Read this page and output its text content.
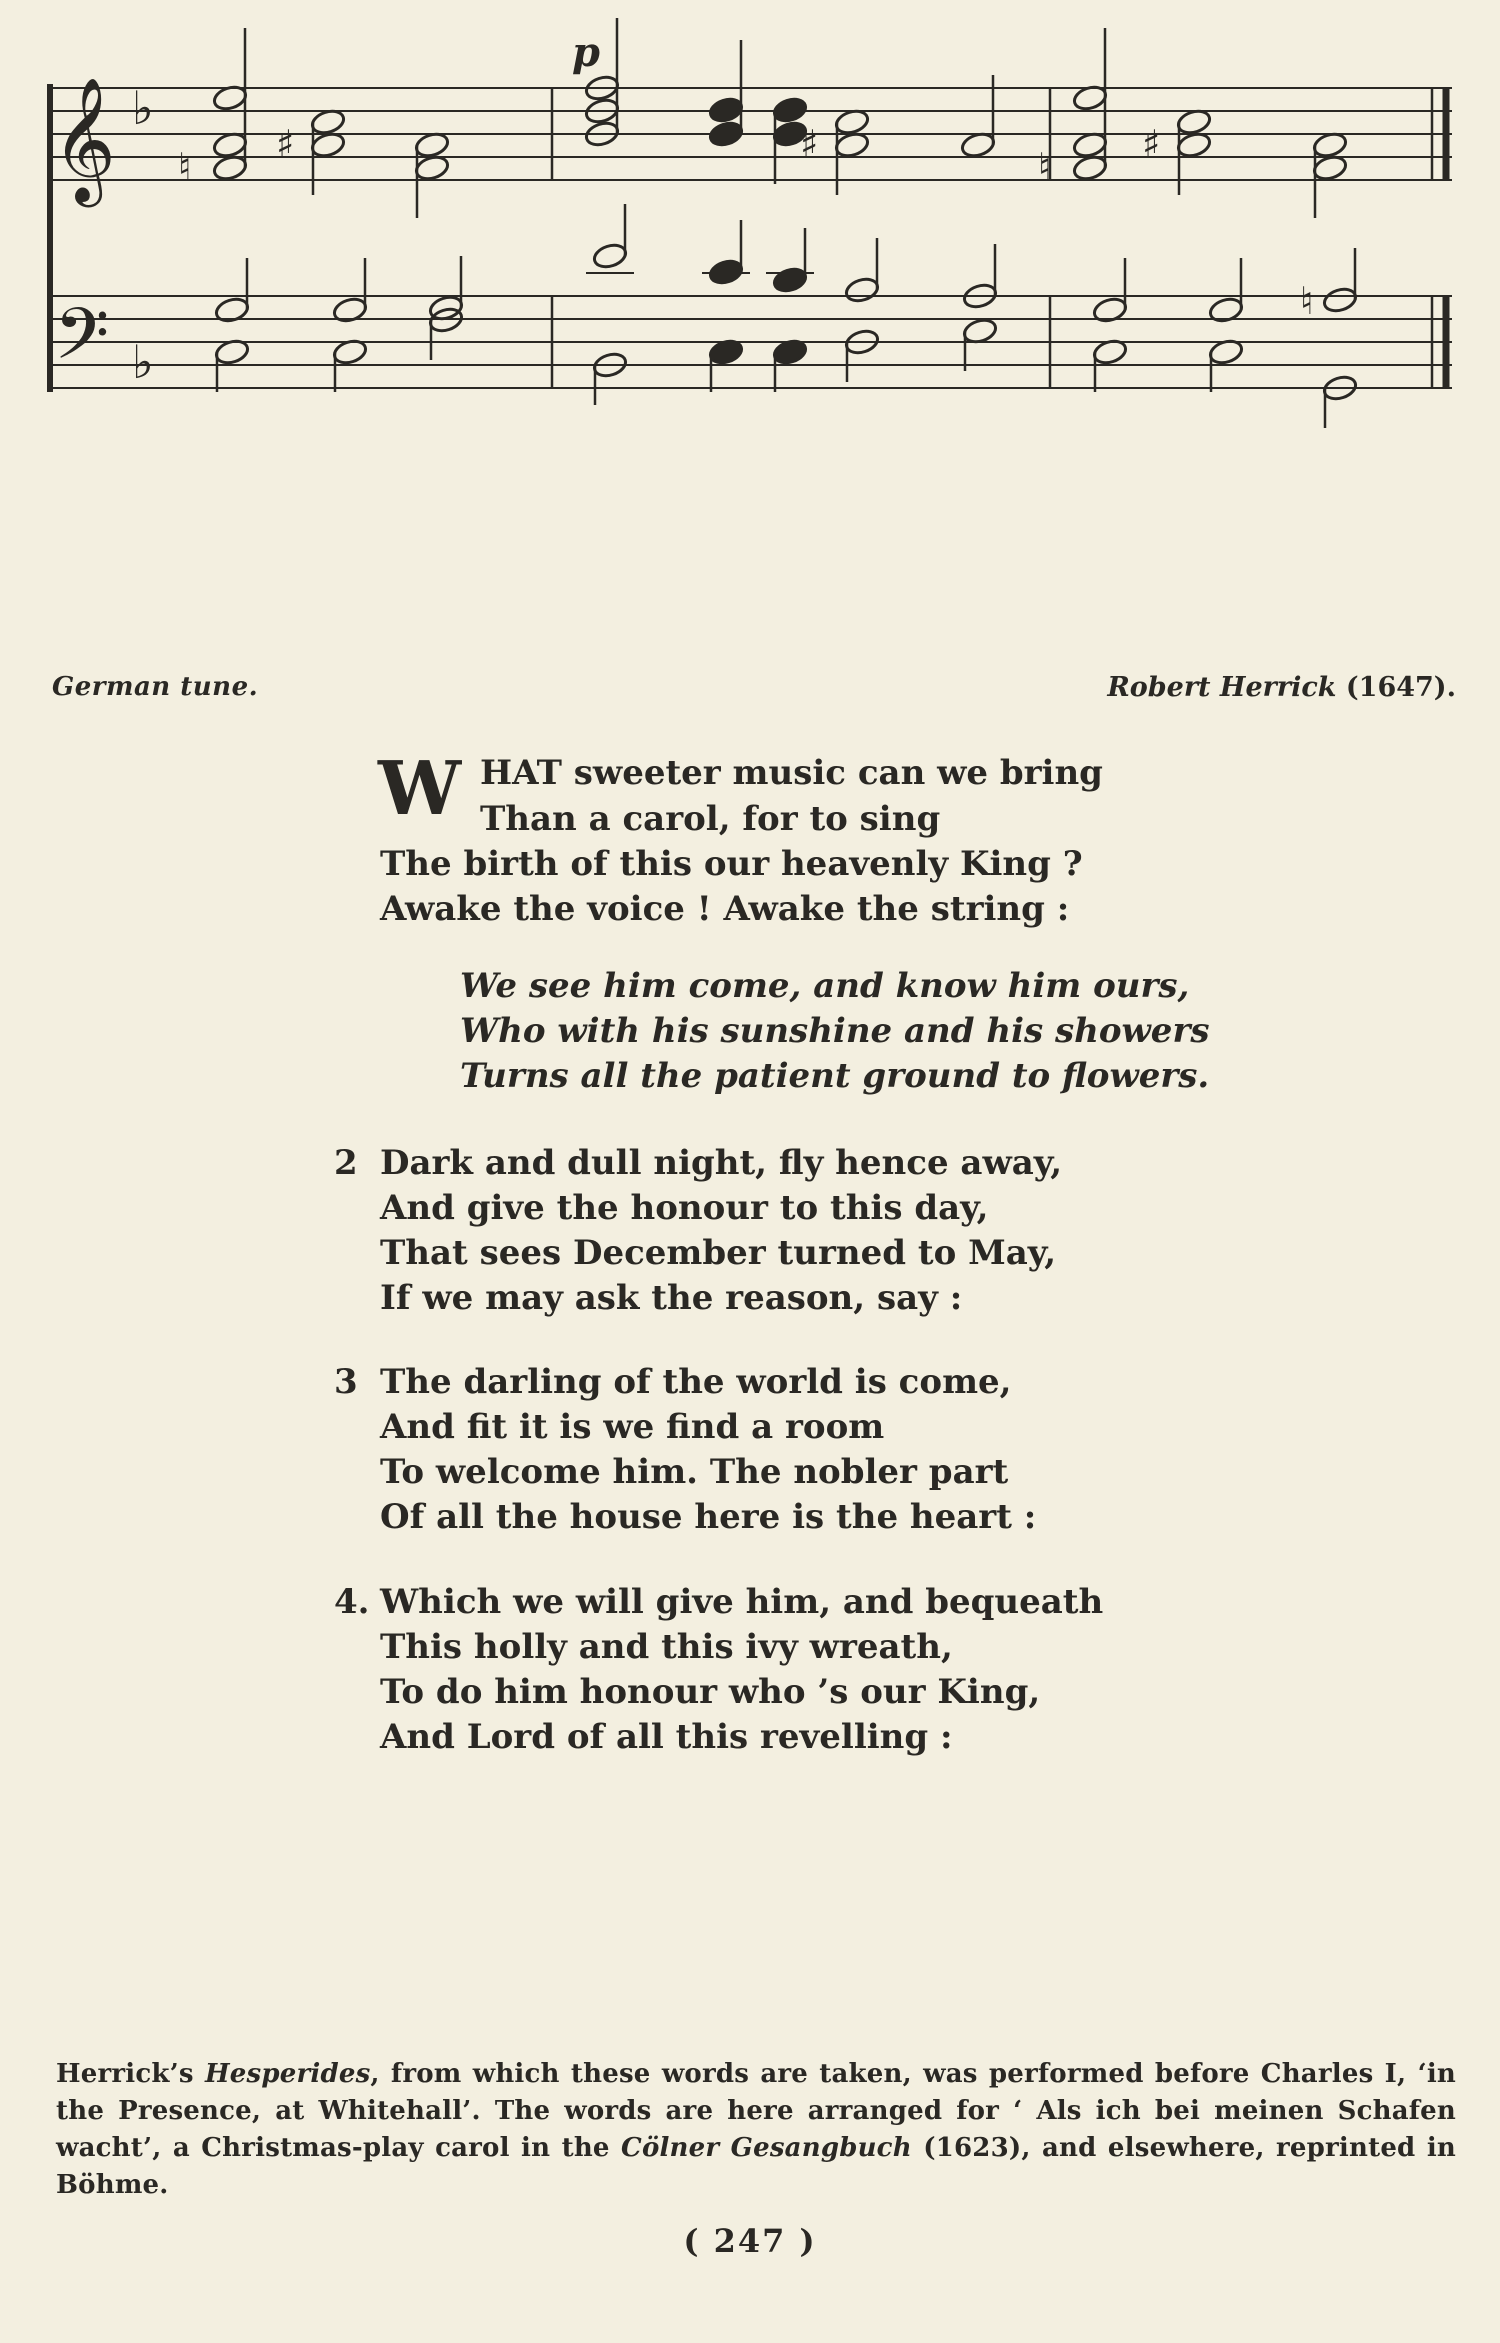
𝄞
𝄢
♭
♭
p
♮
♯	♯
♮
♯
♮
German tune.	Robert Herrick (1647).
W HAT sweeter music can we bring
Than a carol, for to sing
The birth of this our heavenly King ?
Awake the voice ! Awake the string :
We see him come, and know him ours,
Who with his sunshine and his showers
Turns all the patient ground to flowers.
2 Dark and dull night, fly hence away,
And give the honour to this day,
That sees December turned to May,
If we may ask the reason, say :
3 The darling of the world is come,
And fit it is we find a room
To welcome him. The nobler part
Of all the house here is the heart :
4. Which we will give him, and bequeath
This holly and this ivy wreath,
To do him honour who ’s our King,
And Lord of all this revelling :
Herrick’s Hesperides, from which these words are taken, was performed before Charles I, ‘in the Presence, at Whitehall’. The words are here arranged for ‘ Als ich bei meinen Schafen wacht’, a Christmas-play carol in the Cölner Gesangbuch (1623), and elsewhere, reprinted in Böhme.
( 247 )
